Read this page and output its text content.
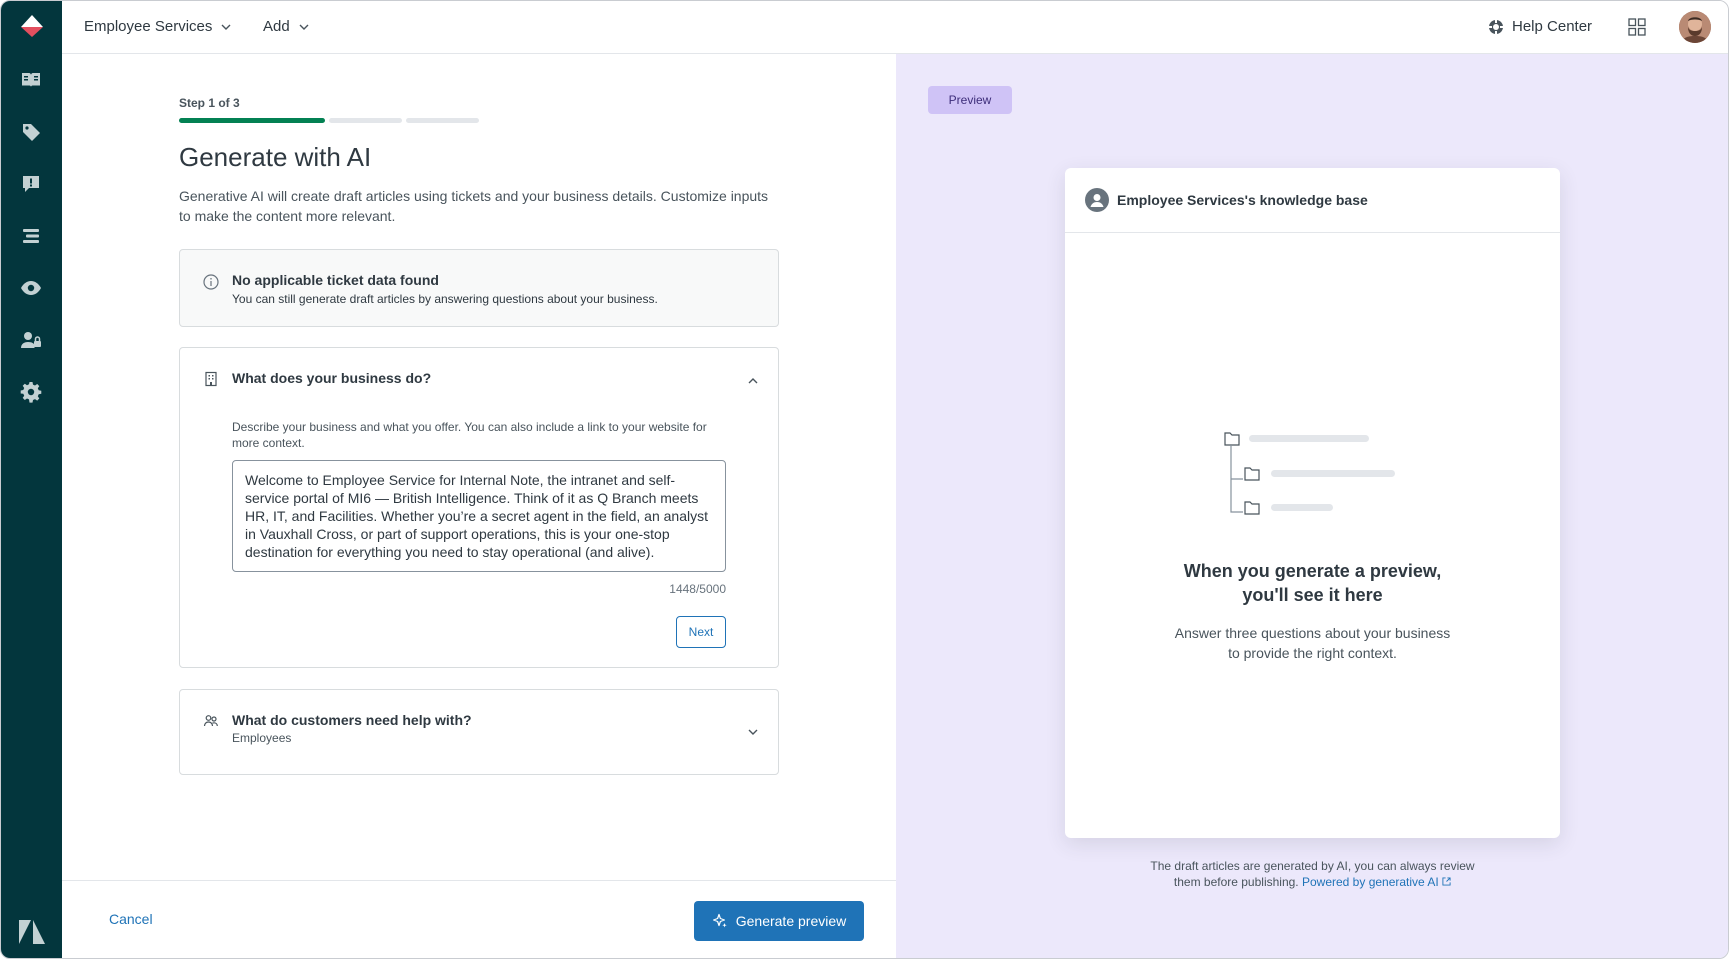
Employee Services	Add	Help Center
Step 1 of 3
Generate with AI

Generative AI will create draft articles using tickets and your business details. Customize inputs to make the content more relevant.

No applicable ticket data found
You can still generate draft articles by answering questions about your business.
What does your business do?
Describe your business and what you offer. You can also include a link to your website for more context.
Welcome to Employee Service for Internal Note, the intranet and self-service portal of MI6 — British Intelligence. Think of it as Q Branch meets HR, IT, and Facilities. Whether you’re a secret agent in the field, an analyst in Vauxhall Cross, or part of support operations, this is your one-stop destination for everything you need to stay operational (and alive).
1448/5000
Next
What do customers need help with?
Employees
Cancel	Generate preview
Preview
Employee Services's knowledge base
When you generate a preview,
you'll see it here
Answer three questions about your business
to provide the right context.
The draft articles are generated by AI, you can always review
them before publishing. Powered by generative AI
